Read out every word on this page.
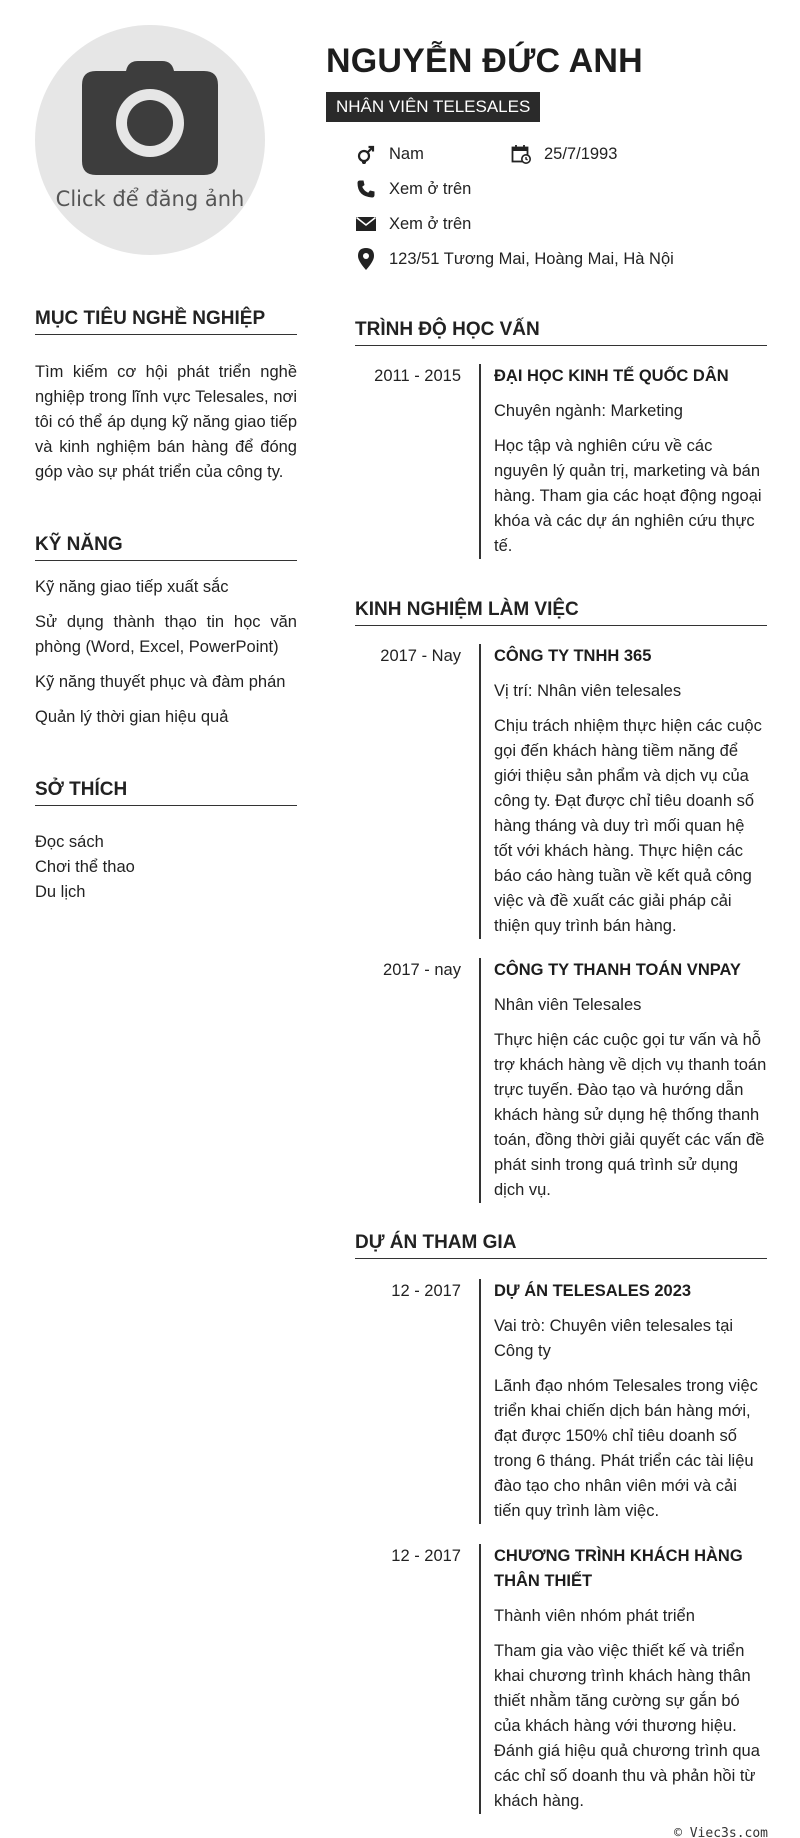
Click để đăng ảnh
NGUYỄN ĐỨC ANH
NHÂN VIÊN TELESALES
Nam	25/7/1993
Xem ở trên
Xem ở trên
123/51 Tương Mai, Hoàng Mai, Hà Nội
MỤC TIÊU NGHỀ NGHIỆP
Tìm kiếm cơ hội phát triển nghề nghiệp trong lĩnh vực Telesales, nơi tôi có thể áp dụng kỹ năng giao tiếp và kinh nghiệm bán hàng để đóng góp vào sự phát triển của công ty.
KỸ NĂNG
Kỹ năng giao tiếp xuất sắc
Sử dụng thành thạo tin học văn phòng (Word, Excel, PowerPoint)
Kỹ năng thuyết phục và đàm phán
Quản lý thời gian hiệu quả
SỞ THÍCH
Đọc sách
Chơi thể thao
Du lịch
TRÌNH ĐỘ HỌC VẤN
2011 - 2015 ĐẠI HỌC KINH TẾ QUỐC DÂN
Chuyên ngành: Marketing
Học tập và nghiên cứu về các nguyên lý quản trị, marketing và bán hàng. Tham gia các hoạt động ngoại khóa và các dự án nghiên cứu thực tế.
KINH NGHIỆM LÀM VIỆC
2017 - Nay CÔNG TY TNHH 365
Vị trí: Nhân viên telesales
Chịu trách nhiệm thực hiện các cuộc gọi đến khách hàng tiềm năng để giới thiệu sản phẩm và dịch vụ của công ty. Đạt được chỉ tiêu doanh số hàng tháng và duy trì mối quan hệ tốt với khách hàng. Thực hiện các báo cáo hàng tuần về kết quả công việc và đề xuất các giải pháp cải thiện quy trình bán hàng.
2017 - nay CÔNG TY THANH TOÁN VNPAY
Nhân viên Telesales
Thực hiện các cuộc gọi tư vấn và hỗ trợ khách hàng về dịch vụ thanh toán trực tuyến. Đào tạo và hướng dẫn khách hàng sử dụng hệ thống thanh toán, đồng thời giải quyết các vấn đề phát sinh trong quá trình sử dụng dịch vụ.
DỰ ÁN THAM GIA
12 - 2017 DỰ ÁN TELESALES 2023
Vai trò: Chuyên viên telesales tại Công ty
Lãnh đạo nhóm Telesales trong việc triển khai chiến dịch bán hàng mới, đạt được 150% chỉ tiêu doanh số trong 6 tháng. Phát triển các tài liệu đào tạo cho nhân viên mới và cải tiến quy trình làm việc.
12 - 2017 CHƯƠNG TRÌNH KHÁCH HÀNG THÂN THIẾT
Thành viên nhóm phát triển
Tham gia vào việc thiết kế và triển khai chương trình khách hàng thân thiết nhằm tăng cường sự gắn bó của khách hàng với thương hiệu. Đánh giá hiệu quả chương trình qua các chỉ số doanh thu và phản hồi từ khách hàng.
© Viec3s.com
